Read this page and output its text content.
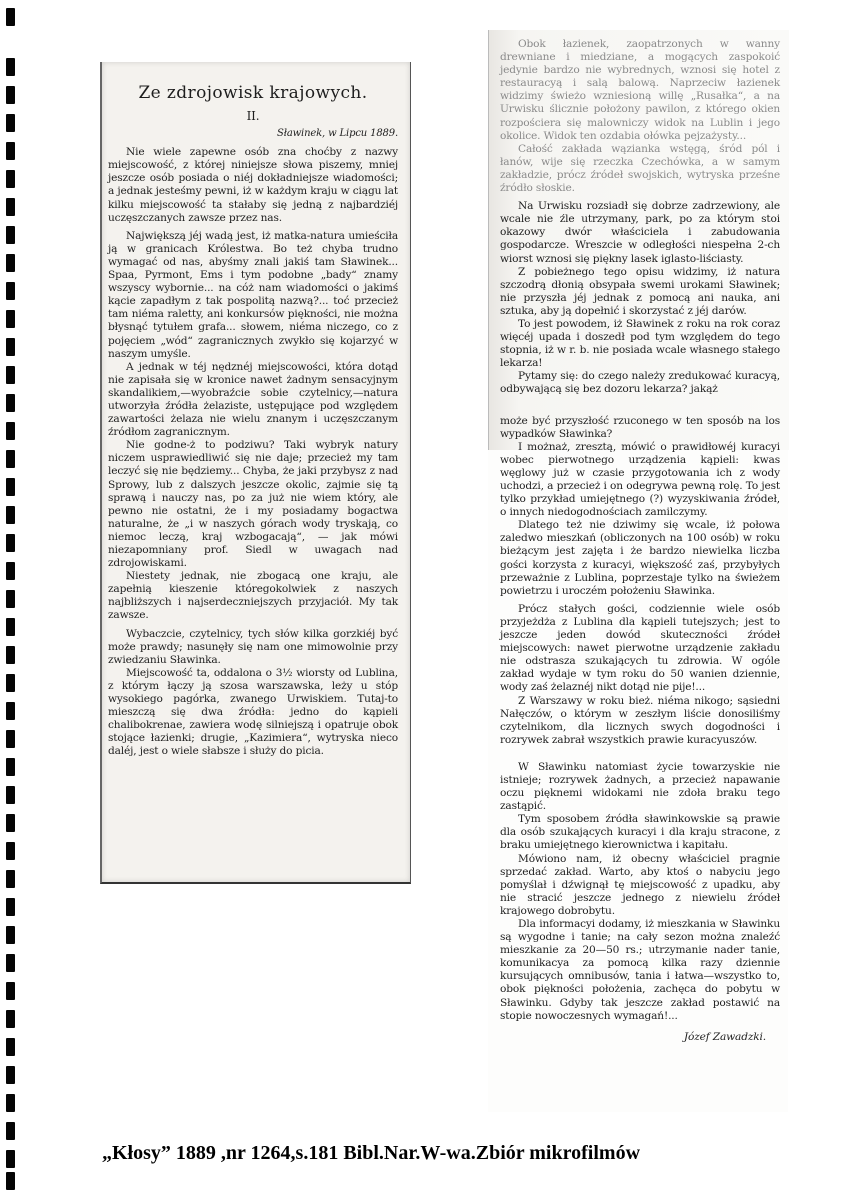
Ze zdrojowisk krajowych.

II.

Sławinek, w Lipcu 1889.

Nie wiele zapewne osób zna choćby z nazwy miejscowość, z której niniejsze słowa piszemy, mniej jeszcze osób posiada o niéj dokładniejsze wiadomości; a jednak jesteśmy pewni, iż w każdym kraju w ciągu lat kilku miejscowość ta stałaby się jedną z najbardziéj uczęszczanych zawsze przez nas.

Największą jéj wadą jest, iż matka-natura umieściła ją w granicach Królestwa. Bo też chyba trudno wymagać od nas, abyśmy znali jakiś tam Sławinek... Spaa, Pyrmont, Ems i tym podobne „bady“ znamy wszyscy wybornie... na cóż nam wiadomości o jakimś kącie zapadłym z tak pospolitą nazwą?... toć przecież tam niéma raletty, ani konkursów piękności, nie można błysnąć tytułem grafa... słowem, niéma niczego, co z pojęciem „wód“ zagranicznych zwykło się kojarzyć w naszym umyśle.

A jednak w téj nędznéj miejscowości, która dotąd nie zapisała się w kronice nawet żadnym sensacyjnym skandalikiem,—wyobraźcie sobie czytelnicy,—natura utworzyła źródła żelaziste, ustępujące pod względem zawartości żelaza nie wielu znanym i uczęszczanym źródłom zagranicznym.

Nie godne-ż to podziwu? Taki wybryk natury niczem usprawiedliwić się nie daje; przecież my tam leczyć się nie będziemy... Chyba, że jaki przybysz z nad Sprowy, lub z dalszych jeszcze okolic, zajmie się tą sprawą i nauczy nas, po za już nie wiem który, ale pewno nie ostatni, że i my posiadamy bogactwa naturalne, że „i w naszych górach wody tryskają, co niemoc leczą, kraj wzbogacają“, — jak mówi niezapomniany prof. Siedl w uwagach nad zdrojowiskami.

Niestety jednak, nie zbogacą one kraju, ale zapełnią kieszenie któregokolwiek z naszych najbliższych i najserdeczniejszych przyjaciół. My tak zawsze.

Wybaczcie, czytelnicy, tych słów kilka gorzkiéj być może prawdy; nasunęły się nam one mimowolnie przy zwiedzaniu Sławinka.

Miejscowość ta, oddalona o 3½ wiorsty od Lublina, z którym łączy ją szosa warszawska, leży u stóp wysokiego pagórka, zwanego Urwiskiem. Tutaj-to mieszczą się dwa źródła: jedno do kąpieli chalibokrenae, zawiera wodę silniejszą i opatruje obok stojące łazienki; drugie, „Kazimiera“, wytryska nieco daléj, jest o wiele słabsze i służy do picia.

Obok łazienek, zaopatrzonych w wanny drewniane i miedziane, a mogących zaspokoić jedynie bardzo nie wybrednych, wznosi się hotel z restauracyą i salą balową. Naprzeciw łazienek widzimy świeżo wzniesioną willę „Rusałka“, a na Urwisku ślicznie położony pawilon, z którego okien rozpościera się malowniczy widok na Lublin i jego okolice. Widok ten ozdabia ołówka pejzażysty...

Całość zakłada wązianka wstęgą, śród pól i łanów, wije się rzeczka Czechówka, a w samym zakładzie, prócz źródeł swojskich, wytryska prześne źródło słoskie.

Na Urwisku rozsiadł się dobrze zadrzewiony, ale wcale nie źle utrzymany, park, po za którym stoi okazowy dwór właściciela i zabudowania gospodarcze. Wreszcie w odległości niespełna 2-ch wiorst wznosi się piękny lasek iglasto-liściasty.

Z pobieżnego tego opisu widzimy, iż natura szczodrą dłonią obsypała swemi urokami Sławinek; nie przyszła jéj jednak z pomocą ani nauka, ani sztuka, aby ją dopełnić i skorzystać z jéj darów.

To jest powodem, iż Sławinek z roku na rok coraz więcéj upada i doszedł pod tym względem do tego stopnia, iż w r. b. nie posiada wcale własnego stałego lekarza!

Pytamy się: do czego należy zredukować kuracyą, odbywającą się bez dozoru lekarza? jakąż

może być przyszłość rzuconego w ten sposób na los wypadków Sławinka?

I możnaż, zresztą, mówić o prawidłowéj kuracyi wobec pierwotnego urządzenia kąpieli: kwas węglowy już w czasie przygotowania ich z wody uchodzi, a przecież i on odegrywa pewną rolę. To jest tylko przykład umiejętnego (?) wyzyskiwania źródeł, o innych niedogodnościach zamilczymy.

Dlatego też nie dziwimy się wcale, iż połowa zaledwo mieszkań (obliczonych na 100 osób) w roku bieżącym jest zajęta i że bardzo niewielka liczba gości korzysta z kuracyi, większość zaś, przybyłych przeważnie z Lublina, poprzestaje tylko na świeżem powietrzu i uroczém położeniu Sławinka.

Prócz stałych gości, codziennie wiele osób przyjeżdża z Lublina dla kąpieli tutejszych; jest to jeszcze jeden dowód skuteczności źródeł miejscowych: nawet pierwotne urządzenie zakładu nie odstrasza szukających tu zdrowia. W ogóle zakład wydaje w tym roku do 50 wanien dziennie, wody zaś żelaznéj nikt dotąd nie pije!...

Z Warszawy w roku bież. niéma nikogo; sąsiedni Nałęczów, o którym w zeszłym liście donosiliśmy czytelnikom, dla licznych swych dogodności i rozrywek zabrał wszystkich prawie kuracyuszów.

W Sławinku natomiast życie towarzyskie nie istnieje; rozrywek żadnych, a przecież napawanie oczu pięknemi widokami nie zdoła braku tego zastąpić.

Tym sposobem źródła sławinkowskie są prawie dla osób szukających kuracyi i dla kraju stracone, z braku umiejętnego kierownictwa i kapitału.

Mówiono nam, iż obecny właściciel pragnie sprzedać zakład. Warto, aby ktoś o nabyciu jego pomyślał i dźwignął tę miejscowość z upadku, aby nie stracić jeszcze jednego z niewielu źródeł krajowego dobrobytu.

Dla informacyi dodamy, iż mieszkania w Sławinku są wygodne i tanie; na cały sezon można znaleźć mieszkanie za 20—50 rs.; utrzymanie nader tanie, komunikacya za pomocą kilka razy dziennie kursujących omnibusów, tania i łatwa—wszystko to, obok piękności położenia, zachęca do pobytu w Sławinku. Gdyby tak jeszcze zakład postawić na stopie nowoczesnych wymagań!...

Józef Zawadzki.

„Kłosy” 1889 ,nr 1264,s.181 Bibl.Nar.W-wa.Zbiór mikrofilmów
